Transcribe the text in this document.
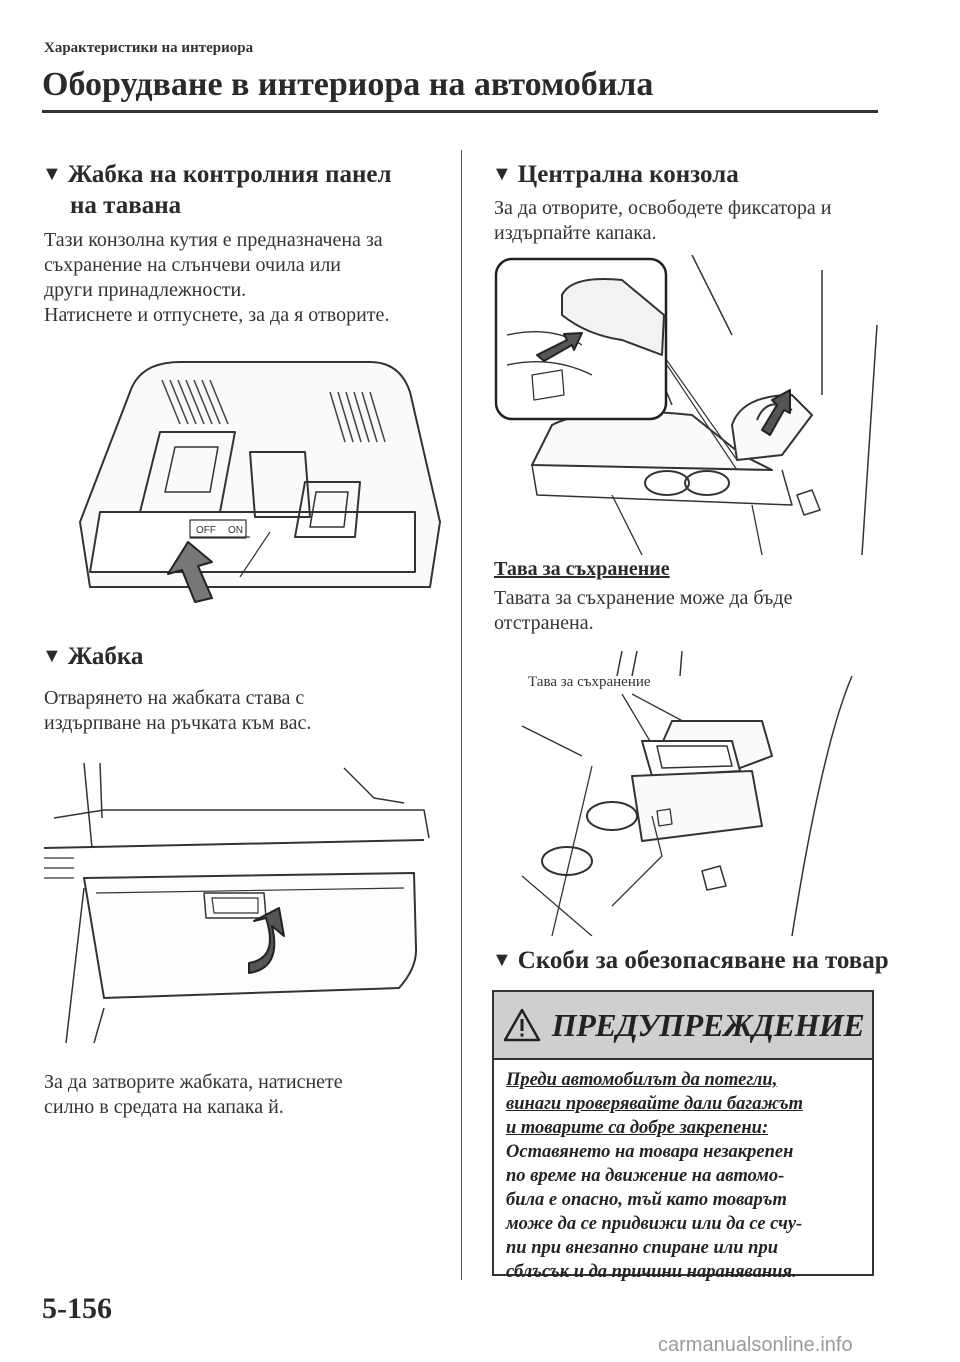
Характеристики на интериора
Оборудване в интериора на автомобила
▼ Жабка на контролния панел
на тавана

Тази конзолна кутия е предназначена за

съхранение на слънчеви очила или

други принадлежности.

Натиснете и отпуснете, за да я отворите.

OFF ON
▼ Жабка

Отварянето на жабката става с

издърпване на ръчката към вас.

За да затворите жабката, натиснете

силно в средата на капака й.

▼ Централна конзола

За да отворите, освободете фиксатора и

издърпайте капака.

Тава за съхранение

Тавата за съхранение може да бъде

отстранена.

Тава за съхранение
▼ Скоби за обезопасяване на товар
ПРЕДУПРЕЖДЕНИЕ
Преди автомобилът да потегли,
винаги проверявайте дали багажът
и товарите са добре закрепени:
Оставянето на товара незакрепен
по време на движение на автомо-
била е опасно, тъй като товарът
може да се придвижи или да се счу-
пи при внезапно спиране или при
сблъсък и да причини наранявания.
5-156
carmanualsonline.info
